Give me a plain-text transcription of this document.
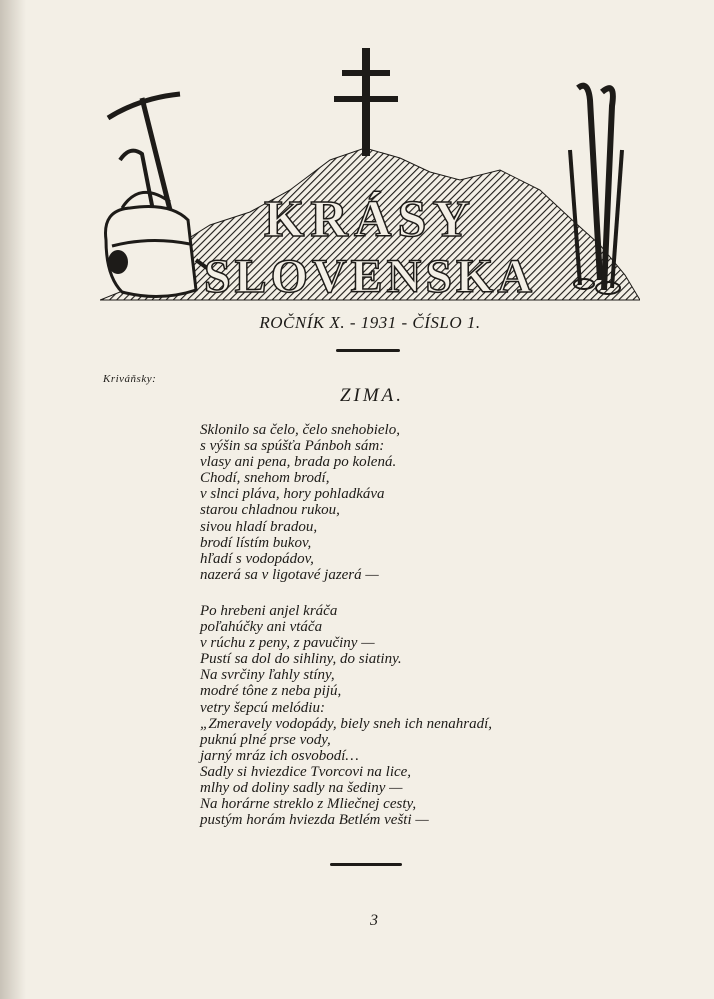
KRÁSY
SLOVENSKA
ROČNÍK X. - 1931 - ČÍSLO 1.
Kriváňsky:
ZIMA.
Sklonilo sa čelo, čelo snehobielo,
s výšin sa spúšťa Pánboh sám:
vlasy ani pena, brada po kolená.
Chodí, snehom brodí,
v slnci pláva, hory pohladkáva
starou chladnou rukou,
sivou hladí bradou,
brodí lístím bukov,
hľadí s vodopádov,
nazerá sa v ligotavé jazerá —
Po hrebeni anjel kráča
poľahúčky ani vtáča
v rúchu z peny, z pavučiny —
Pustí sa dol do sihliny, do siatiny.
Na svrčiny ľahly stíny,
modré tône z neba pijú,
vetry šepcú melódiu:
„Zmeravely vodopády, biely sneh ich nenahradí,
puknú plné prse vody,
jarný mráz ich osvobodí…
Sadly si hviezdice Tvorcovi na lice,
mlhy od doliny sadly na šediny —
Na horárne streklo z Mliečnej cesty,
pustým horám hviezda Betlém vešti —
3
